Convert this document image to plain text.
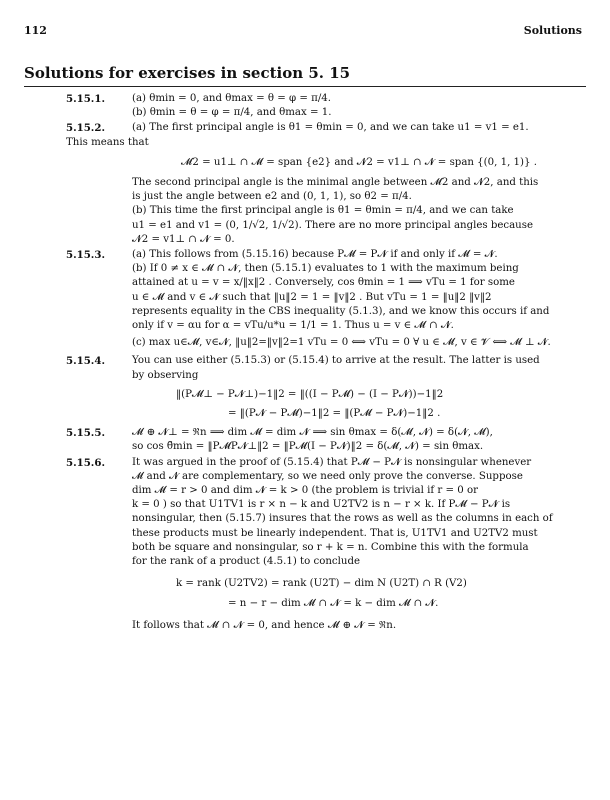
112	Solutions
Solutions for exercises in section 5. 15
5.15.1.	(a) θmin = 0, and θmax = θ = φ = π/4.

(b) θmin = θ = φ = π/4, and θmax = 1.

5.15.2.	(a) The first principal angle is θ1 = θmin = 0, and we can take u1 = v1 = e1.

This means that

𝓜2 = u1⊥ ∩ 𝓜 = span {e2} and 𝓝2 = v1⊥ ∩ 𝓝 = span {(0, 1, 1)} .

The second principal angle is the minimal angle between 𝓜2 and 𝓝2, and this

is just the angle between e2 and (0, 1, 1), so θ2 = π/4.

(b) This time the first principal angle is θ1 = θmin = π/4, and we can take

u1 = e1 and v1 = (0, 1/√2, 1/√2). There are no more principal angles because

𝓝2 = v1⊥ ∩ 𝓝 = 0.

5.15.3.	(a) This follows from (5.15.16) because P𝓜 = P𝓝 if and only if 𝓜 = 𝓝.

(b) If 0 ≠ x ∈ 𝓜 ∩ 𝓝, then (5.15.1) evaluates to 1 with the maximum being

attained at u = v = x/‖x‖2 . Conversely, cos θmin = 1 ⟹ vTu = 1 for some

u ∈ 𝓜 and v ∈ 𝓝 such that ‖u‖2 = 1 = ‖v‖2 . But vTu = 1 = ‖u‖2 ‖v‖2

represents equality in the CBS inequality (5.1.3), and we know this occurs if and

only if v = αu for α = vTu/u*u = 1/1 = 1. Thus u = v ∈ 𝓜 ∩ 𝓝.

(c) max u∈𝓜, v∈𝓝, ‖u‖2=‖v‖2=1 vTu = 0 ⟺ vTu = 0 ∀ u ∈ 𝓜, v ∈ 𝓥 ⟺ 𝓜 ⊥ 𝓝.

5.15.4.	You can use either (5.15.3) or (5.15.4) to arrive at the result. The latter is used

by observing

‖(P𝓜⊥ − P𝓝⊥)−1‖2 = ‖((I − P𝓜) − (I − P𝓝))−1‖2

= ‖(P𝓝 − P𝓜)−1‖2 = ‖(P𝓜 − P𝓝)−1‖2 .

5.15.5.	𝓜 ⊕ 𝓝⊥ = ℜn ⟹ dim 𝓜 = dim 𝓝 ⟹ sin θmax = δ(𝓜, 𝓝) = δ(𝓝, 𝓜),

so cos θ̃min = ‖P𝓜P𝓝⊥‖2 = ‖P𝓜(I − P𝓝)‖2 = δ(𝓜, 𝓝) = sin θmax.

5.15.6.	It was argued in the proof of (5.15.4) that P𝓜 − P𝓝 is nonsingular whenever

𝓜 and 𝓝 are complementary, so we need only prove the converse. Suppose

dim 𝓜 = r > 0 and dim 𝓝 = k > 0 (the problem is trivial if r = 0 or

k = 0 ) so that U1TV1 is r × n − k and U2TV2 is n − r × k. If P𝓜 − P𝓝 is

nonsingular, then (5.15.7) insures that the rows as well as the columns in each of

these products must be linearly independent. That is, U1TV1 and U2TV2 must

both be square and nonsingular, so r + k = n. Combine this with the formula

for the rank of a product (4.5.1) to conclude

k = rank (U2TV2) = rank (U2T) − dim N (U2T) ∩ R (V2)

= n − r − dim 𝓜 ∩ 𝓝 = k − dim 𝓜 ∩ 𝓝.

It follows that 𝓜 ∩ 𝓝 = 0, and hence 𝓜 ⊕ 𝓝 = ℜn.
